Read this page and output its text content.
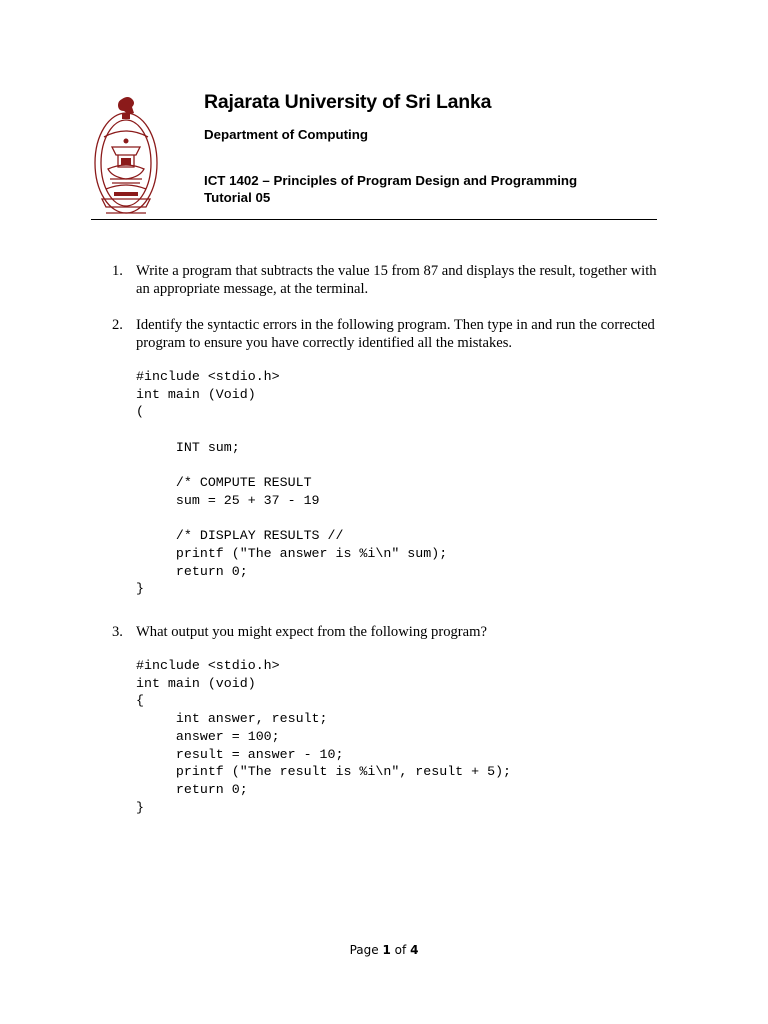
Rajarata University of Sri Lanka
Department of Computing
ICT 1402 – Principles of Program Design and Programming
Tutorial 05
1. Write a program that subtracts the value 15 from 87 and displays the result, together with
an appropriate message, at the terminal.
2. Identify the syntactic errors in the following program. Then type in and run the corrected
program to ensure you have correctly identified all the mistakes.
#include <stdio.h>
int main (Void)
(

INT sum;

/* COMPUTE RESULT
sum = 25 + 37 - 19

/* DISPLAY RESULTS //
printf ("The answer is %i\n" sum);
return 0;
}
3. What output you might expect from the following program?
#include <stdio.h>
int main (void)
{
int answer, result;
answer = 100;
result = answer - 10;
printf ("The result is %i\n", result + 5);
return 0;
}
Page 1 of 4
